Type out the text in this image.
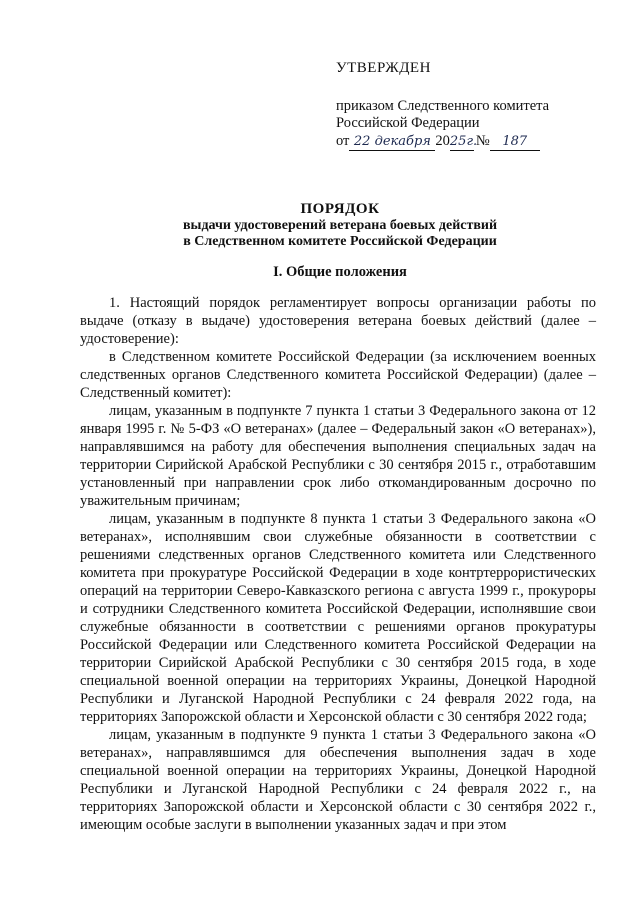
УТВЕРЖДЕН
приказом Следственного комитета
Российской Федерации
от 22 декабря 20 25г.
№ 187
ПОРЯДОК
выдачи удостоверений ветерана боевых действий
в Следственном комитете Российской Федерации
I. Общие положения

1. Настоящий порядок регламентирует вопросы организации работы по выдаче (отказу в выдаче) удостоверения ветерана боевых действий (далее – удостоверение):

в Следственном комитете Российской Федерации (за исключением военных следственных органов Следственного комитета Российской Федерации) (далее – Следственный комитет):

лицам, указанным в подпункте 7 пункта 1 статьи 3 Федерального закона от 12 января 1995 г. № 5-ФЗ «О ветеранах» (далее – Федеральный закон «О ветеранах»), направлявшимся на работу для обеспечения выполнения специальных задач на территории Сирийской Арабской Республики с 30 сентября 2015 г., отработавшим установленный при направлении срок либо откомандированным досрочно по уважительным причинам;

лицам, указанным в подпункте 8 пункта 1 статьи 3 Федерального закона «О ветеранах», исполнявшим свои служебные обязанности в соответствии с решениями следственных органов Следственного комитета или Следственного комитета при прокуратуре Российской Федерации в ходе контртеррористических операций на территории Северо-Кавказского региона с августа 1999 г., прокуроры и сотрудники Следственного комитета Российской Федерации, исполнявшие свои служебные обязанности в соответствии с решениями органов прокуратуры Российской Федерации или Следственного комитета Российской Федерации на территории Сирийской Арабской Республики с 30 сентября 2015 года, в ходе специальной военной операции на территориях Украины, Донецкой Народной Республики и Луганской Народной Республики с 24 февраля 2022 года, на территориях Запорожской области и Херсонской области с 30 сентября 2022 года;

лицам, указанным в подпункте 9 пункта 1 статьи 3 Федерального закона «О ветеранах», направлявшимся для обеспечения выполнения задач в ходе специальной военной операции на территориях Украины, Донецкой Народной Республики и Луганской Народной Республики с 24 февраля 2022 г., на территориях Запорожской области и Херсонской области с 30 сентября 2022 г., имеющим особые заслуги в выполнении указанных задач и при этом
